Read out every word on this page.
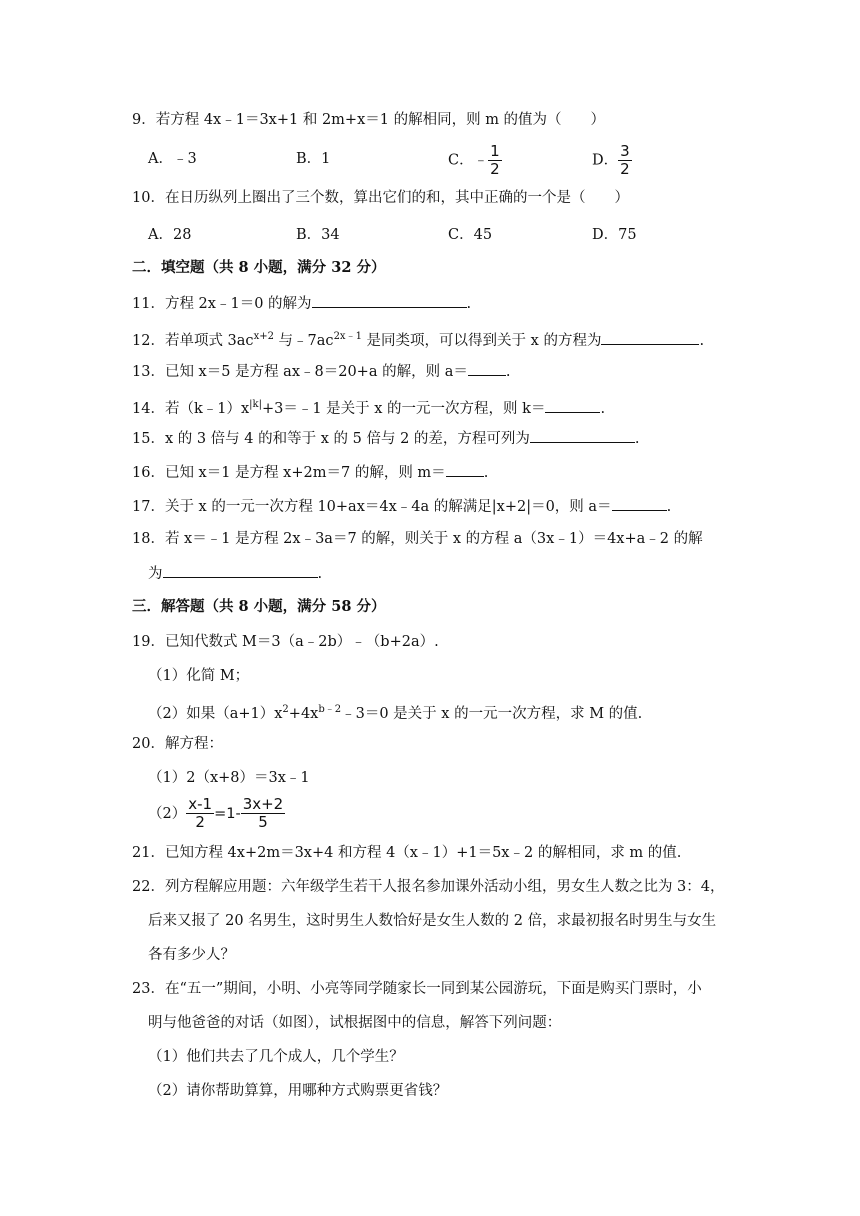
9．若方程 4x﹣1＝3x+1 和 2m+x＝1 的解相同，则 m 的值为（　　）
A．﹣3	B．1	C．﹣ $\frac{1}{2}$	D． $\frac{3}{2}$
10．在日历纵列上圈出了三个数，算出它们的和，其中正确的一个是（　　）
A．28	B．34	C．45	D．75
二．填空题（共 8 小题，满分 32 分）
11．方程 2x﹣1＝0 的解为	.
12．若单项式 $3ac^{x+2}$ 与$﹣7ac^{2x﹣1}$ 是同类项，可以得到关于 x 的方程为	.
13．已知 x＝5 是方程 ax﹣8＝20+a 的解，则 a＝	.
14．若$(k﹣1)x^{|k|}+3=﹣1$ 是关于 x 的一元一次方程，则 k＝	.
15．x 的 3 倍与 4 的和等于 x 的 5 倍与 2 的差，方程可列为	.
16．已知 x＝1 是方程 x+2m＝7 的解，则 m＝	.
17．关于 x 的一元一次方程 10+ax＝4x﹣4a 的解满足|x+2|＝0，则 a＝	.
18．若 x＝﹣1 是方程 2x﹣3a＝7 的解，则关于 x 的方程 a（3x﹣1）＝4x+a﹣2 的解
为	.
三．解答题（共 8 小题，满分 58 分）
19．已知代数式 M＝3（a﹣2b）﹣（b+2a）.
（1）化简 M；
（2）如果$(a+1)x^2+4x^{b﹣2}﹣3=0$ 是关于 x 的一元一次方程，求 M 的值.
20．解方程：
（1）2（x+8）＝3x﹣1
$(2) \frac{x-1}{2} =1- \frac{3x+2}{5}$
21．已知方程 4x+2m＝3x+4 和方程 4（x﹣1）+1＝5x﹣2 的解相同，求 m 的值.
22．列方程解应用题：六年级学生若干人报名参加课外活动小组，男女生人数之比为 3：4，
后来又报了 20 名男生，这时男生人数恰好是女生人数的 2 倍，求最初报名时男生与女生
各有多少人？
23．在“五一”期间，小明、小亮等同学随家长一同到某公园游玩，下面是购买门票时，小
明与他爸爸的对话（如图），试根据图中的信息，解答下列问题：
（1）他们共去了几个成人，几个学生？
（2）请你帮助算算，用哪种方式购票更省钱？
